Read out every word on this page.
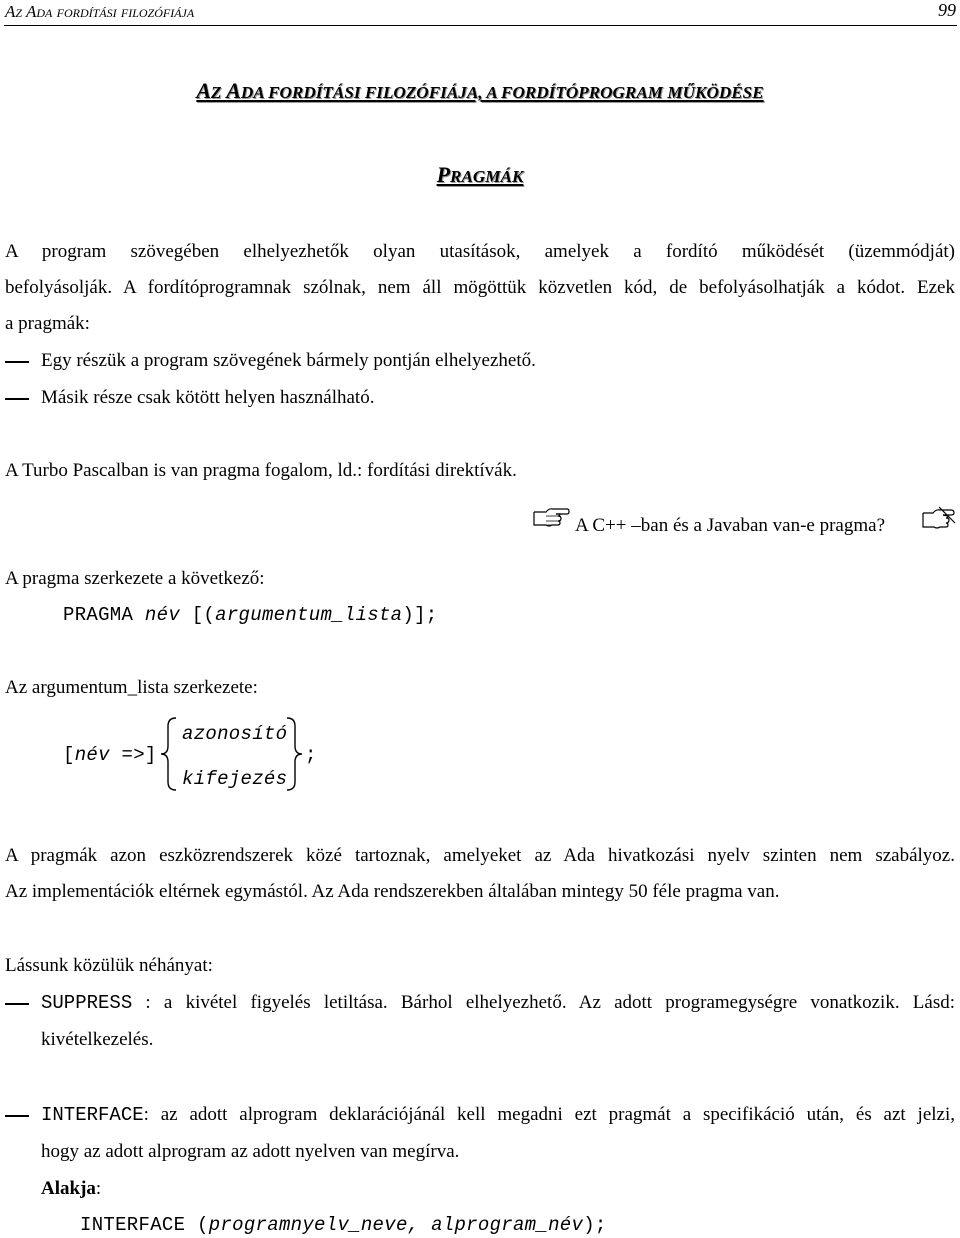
Az Ada fordítási filozófiája	99
AZ ADA FORDÍTÁSI FILOZÓFIÁJA, A FORDÍTÓPROGRAM MŰKÖDÉSE
PRAGMÁK
A program szövegében elhelyezhetők olyan utasítások, amelyek a fordító működését (üzemmódját)
befolyásolják. A fordítóprogramnak szólnak, nem áll mögöttük közvetlen kód, de befolyásolhatják a kódot. Ezek
a pragmák:
Egy részük a program szövegének bármely pontján elhelyezhető.
Másik része csak kötött helyen használható.
A Turbo Pascalban is van pragma fogalom, ld.: fordítási direktívák.
A C++ –ban és a Javaban van-e pragma?
A pragma szerkezete a következő:
PRAGMA név [(argumentum_lista)];
Az argumentum_lista szerkezete:
[név =>]
azonosító
kifejezés
;
A pragmák azon eszközrendszerek közé tartoznak, amelyeket az Ada hivatkozási nyelv szinten nem szabályoz.
Az implementációk eltérnek egymástól. Az Ada rendszerekben általában mintegy 50 féle pragma van.
Lássunk közülük néhányat:
SUPPRESS : a kivétel figyelés letiltása. Bárhol elhelyezhető. Az adott programegységre vonatkozik. Lásd:
kivételkezelés.
INTERFACE: az adott alprogram deklarációjánál kell megadni ezt pragmát a specifikáció után, és azt jelzi,
hogy az adott alprogram az adott nyelven van megírva.
Alakja:
INTERFACE (programnyelv_neve, alprogram_név);
